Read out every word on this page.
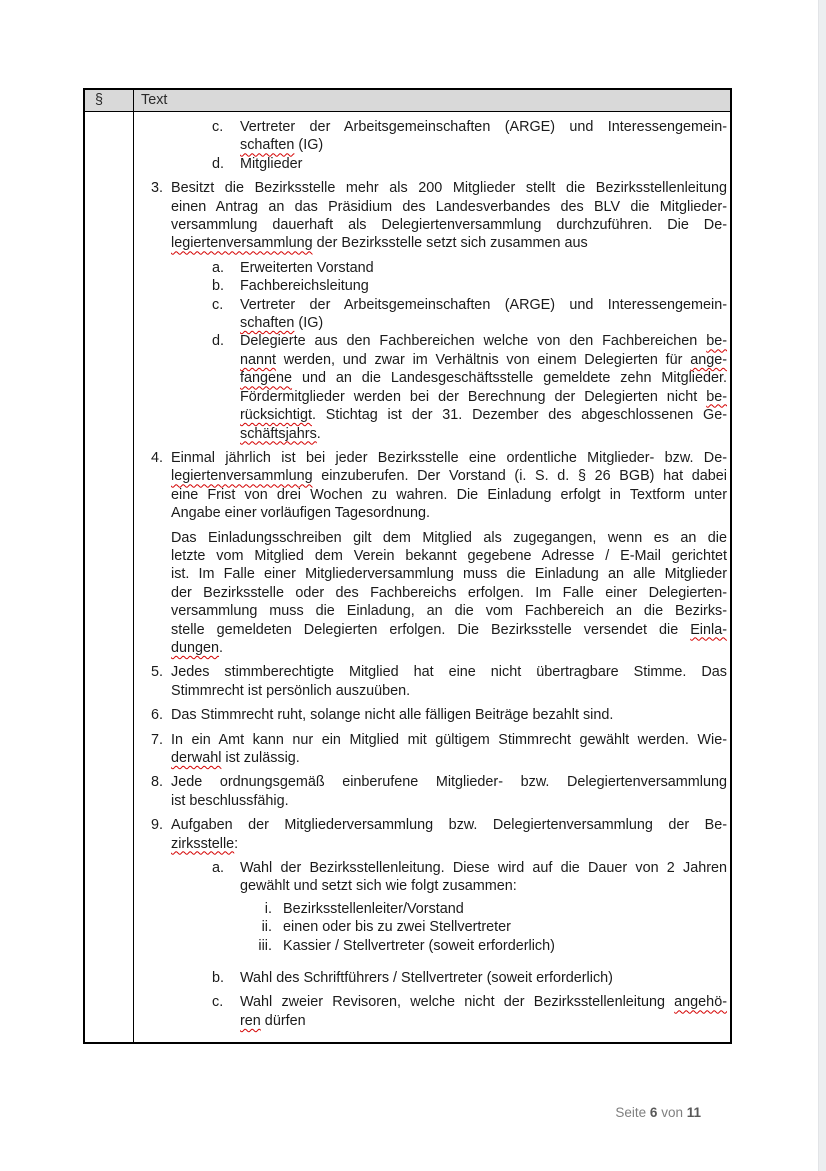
§	Text
c.	Vertreter der Arbeitsgemeinschaften (ARGE) und Interessengemein-
schaften (IG)
d.	Mitglieder
3. Besitzt die Bezirksstelle mehr als 200 Mitglieder stellt die Bezirksstellenleitung
einen Antrag an das Präsidium des Landesverbandes des BLV die Mitglieder-
versammlung dauerhaft als Delegiertenversammlung durchzuführen. Die De-
legiertenversammlung der Bezirksstelle setzt sich zusammen aus
a.	Erweiterten Vorstand
b.	Fachbereichsleitung
c.	Vertreter der Arbeitsgemeinschaften (ARGE) und Interessengemein-
schaften (IG)
d.	Delegierte aus den Fachbereichen welche von den Fachbereichen be-
nannt werden, und zwar im Verhältnis von einem Delegierten für ange-
fangene und an die Landesgeschäftsstelle gemeldete zehn Mitglieder.
Fördermitglieder werden bei der Berechnung der Delegierten nicht be-
rücksichtigt. Stichtag ist der 31. Dezember des abgeschlossenen Ge-
schäftsjahrs.
4. Einmal jährlich ist bei jeder Bezirksstelle eine ordentliche Mitglieder- bzw. De-
legiertenversammlung einzuberufen. Der Vorstand (i. S. d. § 26 BGB) hat dabei
eine Frist von drei Wochen zu wahren. Die Einladung erfolgt in Textform unter
Angabe einer vorläufigen Tagesordnung.
Das Einladungsschreiben gilt dem Mitglied als zugegangen, wenn es an die
letzte vom Mitglied dem Verein bekannt gegebene Adresse / E-Mail gerichtet
ist. Im Falle einer Mitgliederversammlung muss die Einladung an alle Mitglieder
der Bezirksstelle oder des Fachbereichs erfolgen. Im Falle einer Delegierten-
versammlung muss die Einladung, an die vom Fachbereich an die Bezirks-
stelle gemeldeten Delegierten erfolgen. Die Bezirksstelle versendet die Einla-
dungen.
5. Jedes stimmberechtigte Mitglied hat eine nicht übertragbare Stimme. Das
Stimmrecht ist persönlich auszuüben.
6. Das Stimmrecht ruht, solange nicht alle fälligen Beiträge bezahlt sind.
7. In ein Amt kann nur ein Mitglied mit gültigem Stimmrecht gewählt werden. Wie-
derwahl ist zulässig.
8. Jede ordnungsgemäß einberufene Mitglieder- bzw. Delegiertenversammlung
ist beschlussfähig.
9. Aufgaben der Mitgliederversammlung bzw. Delegiertenversammlung der Be-
zirksstelle:
a.	Wahl der Bezirksstellenleitung. Diese wird auf die Dauer von 2 Jahren
gewählt und setzt sich wie folgt zusammen:
i. Bezirksstellenleiter/Vorstand
ii. einen oder bis zu zwei Stellvertreter
iii. Kassier / Stellvertreter (soweit erforderlich)
b.	Wahl des Schriftführers / Stellvertreter (soweit erforderlich)
c.	Wahl zweier Revisoren, welche nicht der Bezirksstellenleitung angehö-
ren dürfen
Seite 6 von 11
